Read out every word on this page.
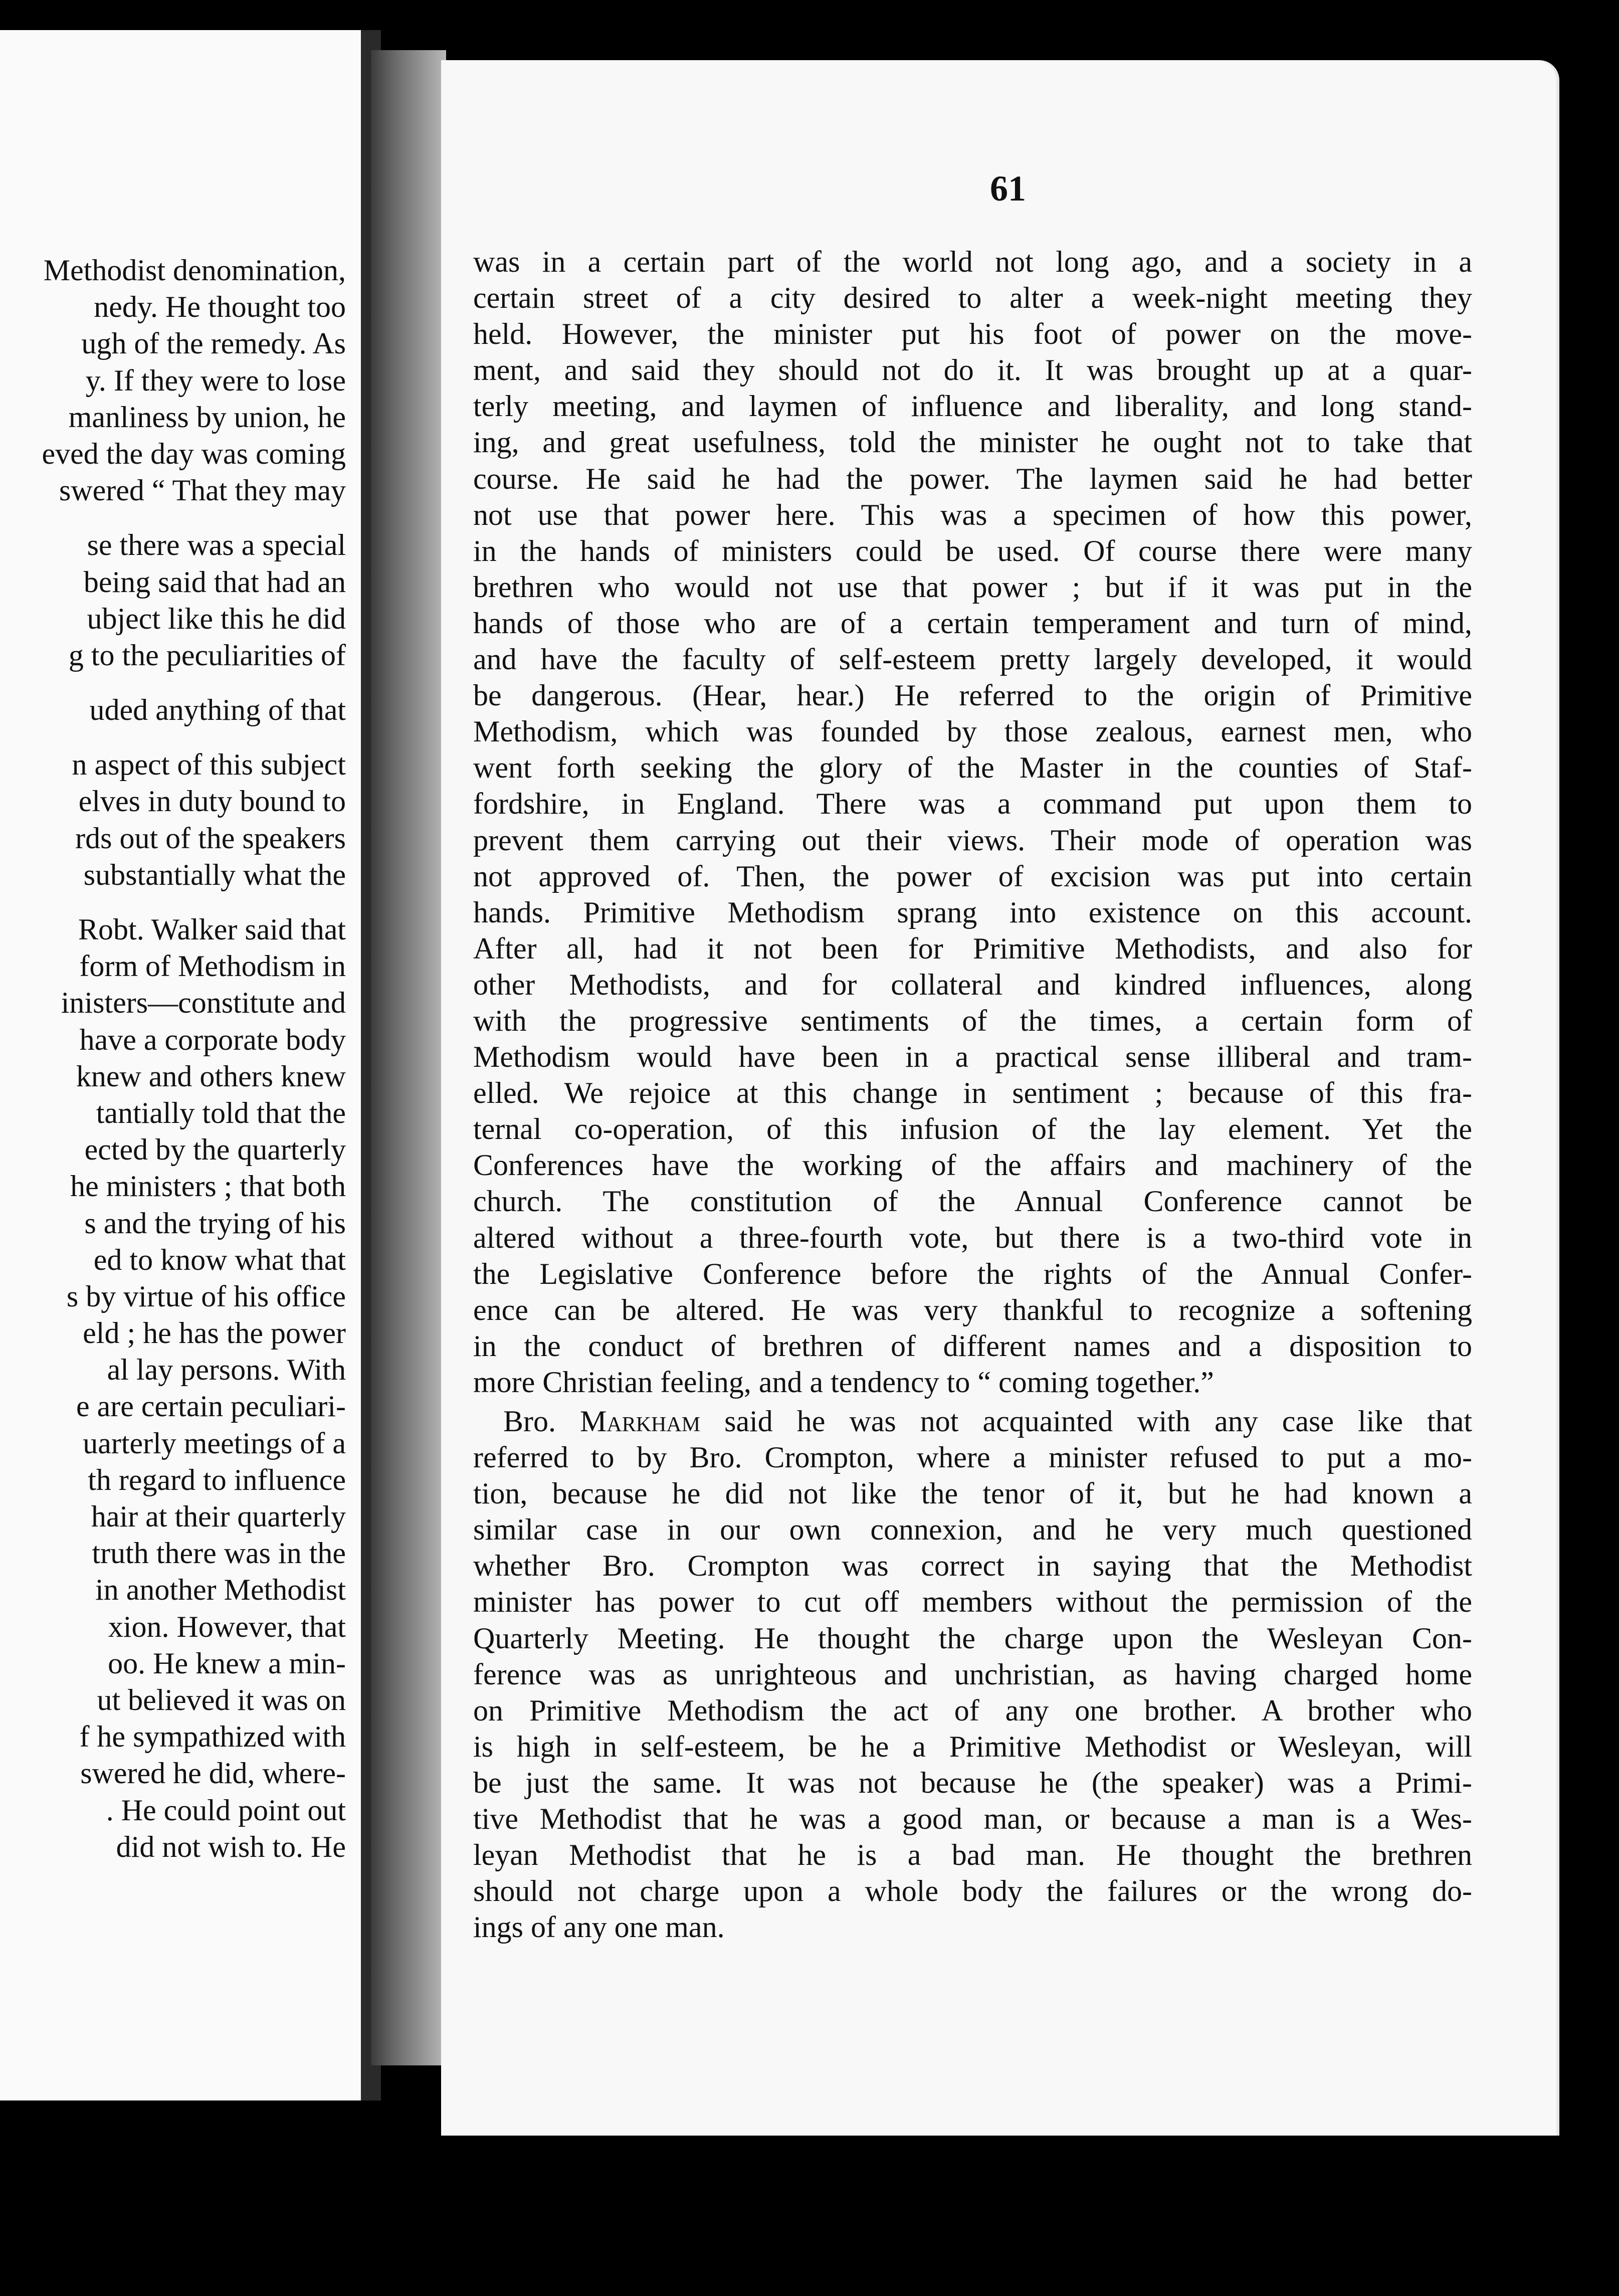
Methodist denomination,
nedy. He thought too
ugh of the remedy. As
y. If they were to lose
manliness by union, he
eved the day was coming
swered “ That they may
se there was a special
being said that had an
ubject like this he did
g to the peculiarities of
uded anything of that
n aspect of this subject
elves in duty bound to
rds out of the speakers
substantially what the
Robt. Walker said that
form of Methodism in
inisters—constitute and
have a corporate body
knew and others knew
tantially told that the
ected by the quarterly
he ministers ; that both
s and the trying of his
ed to know what that
s by virtue of his office
eld ; he has the power
al lay persons. With
e are certain peculiari-
uarterly meetings of a
th regard to influence
hair at their quarterly
truth there was in the
in another Methodist
xion. However, that
oo. He knew a min-
ut believed it was on
f he sympathized with
swered he did, where-
. He could point out
did not wish to. He
61
was in a certain part of the world not long ago, and a society in a
certain street of a city desired to alter a week-night meeting they
held. However, the minister put his foot of power on the move-
ment, and said they should not do it. It was brought up at a quar-
terly meeting, and laymen of influence and liberality, and long stand-
ing, and great usefulness, told the minister he ought not to take that
course. He said he had the power. The laymen said he had better
not use that power here. This was a specimen of how this power,
in the hands of ministers could be used. Of course there were many
brethren who would not use that power ; but if it was put in the
hands of those who are of a certain temperament and turn of mind,
and have the faculty of self-esteem pretty largely developed, it would
be dangerous. (Hear, hear.) He referred to the origin of Primitive
Methodism, which was founded by those zealous, earnest men, who
went forth seeking the glory of the Master in the counties of Staf-
fordshire, in England. There was a command put upon them to
prevent them carrying out their views. Their mode of operation was
not approved of. Then, the power of excision was put into certain
hands. Primitive Methodism sprang into existence on this account.
After all, had it not been for Primitive Methodists, and also for
other Methodists, and for collateral and kindred influences, along
with the progressive sentiments of the times, a certain form of
Methodism would have been in a practical sense illiberal and tram-
elled. We rejoice at this change in sentiment ; because of this fra-
ternal co-operation, of this infusion of the lay element. Yet the
Conferences have the working of the affairs and machinery of the
church. The constitution of the Annual Conference cannot be
altered without a three-fourth vote, but there is a two-third vote in
the Legislative Conference before the rights of the Annual Confer-
ence can be altered. He was very thankful to recognize a softening
in the conduct of brethren of different names and a disposition to
more Christian feeling, and a tendency to “ coming together.”
Bro. Markham said he was not acquainted with any case like that
referred to by Bro. Crompton, where a minister refused to put a mo-
tion, because he did not like the tenor of it, but he had known a
similar case in our own connexion, and he very much questioned
whether Bro. Crompton was correct in saying that the Methodist
minister has power to cut off members without the permission of the
Quarterly Meeting. He thought the charge upon the Wesleyan Con-
ference was as unrighteous and unchristian, as having charged home
on Primitive Methodism the act of any one brother. A brother who
is high in self-esteem, be he a Primitive Methodist or Wesleyan, will
be just the same. It was not because he (the speaker) was a Primi-
tive Methodist that he was a good man, or because a man is a Wes-
leyan Methodist that he is a bad man. He thought the brethren
should not charge upon a whole body the failures or the wrong do-
ings of any one man.
